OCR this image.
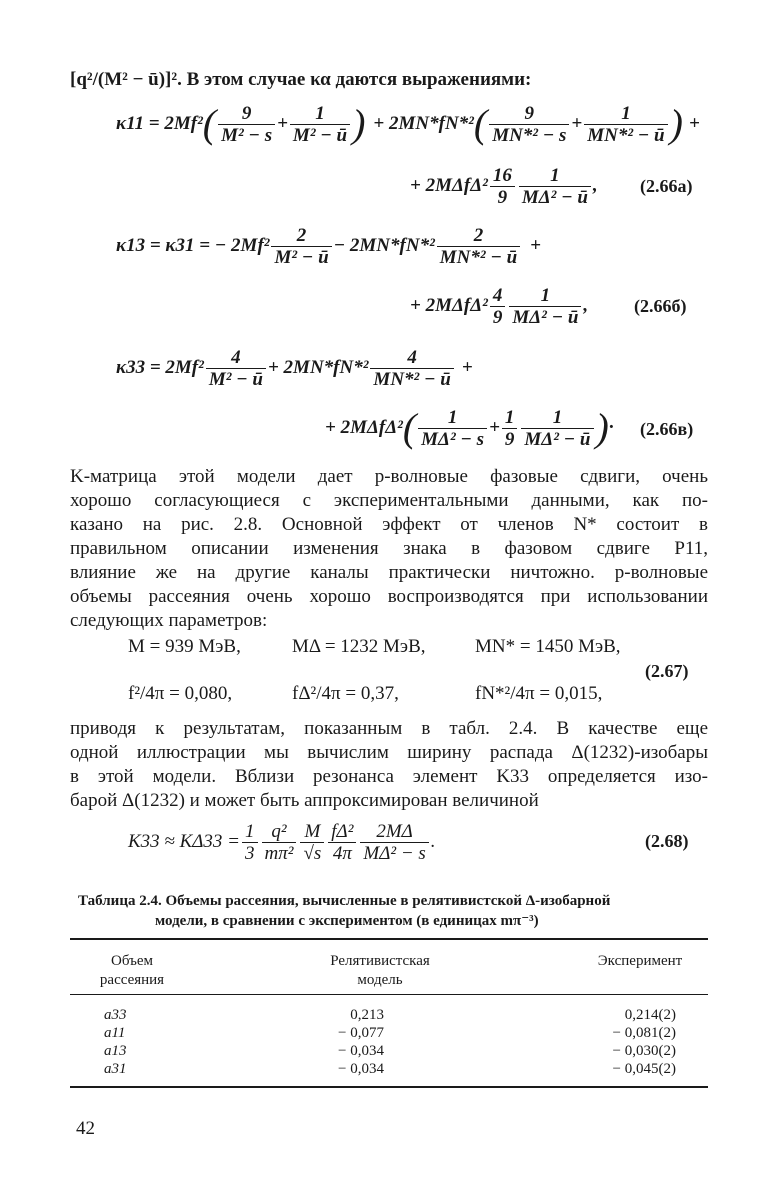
[q²/(M² − ū)]². В этом случае κα даются выражениями:
κ11 = 2Mf² ( $\frac{9}{\text{M² − s}} + \frac{1}{\text{M² − ū}}$ ) + 2MN*fN*² ( $\frac{9}{\text{MN*² − s}} + \frac{1}{\text{MN*² − ū}}$ ) +
+ $2M\Delta f\Delta^2 \frac{16}{9} \frac{1}{\text{MΔ² − ū}}$ , (2.66а)
κ13 = κ31 = − $2Mf^2 \frac{2}{\text{M² − ū}} - 2MN*fN*^2 \frac{2}{\text{MN*² − ū}}$ +
+ $2M\Delta f\Delta^2 \frac{4}{9} \frac{1}{\text{MΔ² − ū}}$ ,	(2.66б)
$\kappa 33 = 2Mf^2 \frac{4}{\text{M² − ū}} + 2MN*fN*^2 \frac{4}{\text{MN*² − ū}}$ +
+ 2MΔfΔ² ( $\frac{1}{\text{MΔ² − s}} + \frac{1}{9} \frac{1}{\text{MΔ² − ū}}$ ) · (2.66в)
K-матрица этой модели дает p-волновые фазовые сдвиги, очень
хорошо согласующиеся с экспериментальными данными, как по-
казано на рис. 2.8. Основной эффект от членов N* состоит в
правильном описании изменения знака в фазовом сдвиге P11,
влияние же на другие каналы практически ничтожно. p-волновые
объемы рассеяния очень хорошо воспроизводятся при использовании
следующих параметров:
M = 939 МэВ,	MΔ = 1232 МэВ,	MN* = 1450 МэВ,
(2.67)
f²/4π = 0,080,	fΔ²/4π = 0,37,	fN*²/4π = 0,015,
приводя к результатам, показанным в табл. 2.4. В качестве еще
одной иллюстрации мы вычислим ширину распада Δ(1232)-изобары
в этой модели. Вблизи резонанса элемент K33 определяется изо-
барой Δ(1232) и может быть аппроксимирован величиной
$K33 \approx K\Delta 33 = \frac{1}{3} \frac{\text{q²}}{\text{mπ²}} \frac{M}{√s} \frac{\text{fΔ²}}{4\pi} \frac{2M\Delta}{\text{MΔ² − s}}$ .	(2.68)
Таблица 2.4. Объемы рассеяния, вычисленные в релятивистской Δ-изобарной
модели, в сравнении с экспериментом (в единицах mπ⁻³)
Объем
рассеяния
Релятивистская
модель
Эксперимент
a33	0,213	0,214(2)
a11	− 0,077	− 0,081(2)
a13	− 0,034	− 0,030(2)
a31	− 0,034	− 0,045(2)
42
